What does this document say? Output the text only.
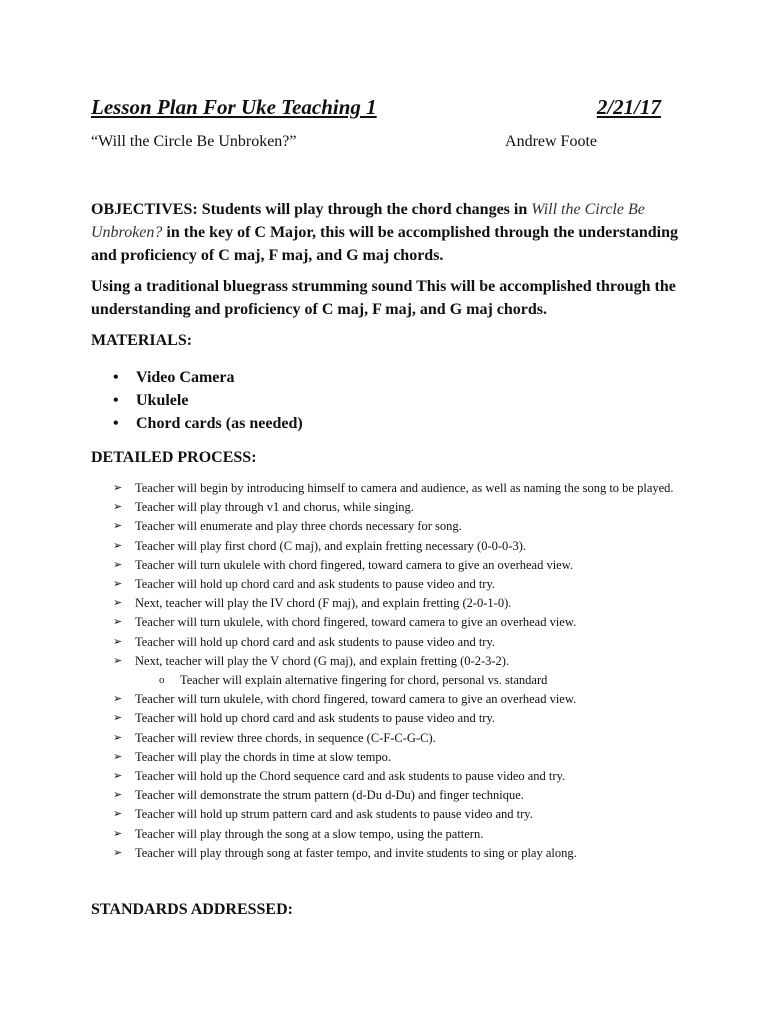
Lesson Plan For Uke Teaching 1	2/21/17
“Will the Circle Be Unbroken?”	Andrew Foote

OBJECTIVES: Students will play through the chord changes in Will the Circle Be Unbroken? in the key of C Major, this will be accomplished through the understanding and proficiency of C maj, F maj, and G maj chords.

Using a traditional bluegrass strumming sound This will be accomplished through the understanding and proficiency of C maj, F maj, and G maj chords.

MATERIALS:

•	Video Camera
•	Ukulele
•	Chord cards (as needed)

DETAILED PROCESS:

➢	Teacher will begin by introducing himself to camera and audience, as well as naming the song to be played.
➢	Teacher will play through v1 and chorus, while singing.
➢	Teacher will enumerate and play three chords necessary for song.
➢	Teacher will play first chord (C maj), and explain fretting necessary (0-0-0-3).
➢	Teacher will turn ukulele with chord fingered, toward camera to give an overhead view.
➢	Teacher will hold up chord card and ask students to pause video and try.
➢	Next, teacher will play the IV chord (F maj), and explain fretting (2-0-1-0).
➢	Teacher will turn ukulele, with chord fingered, toward camera to give an overhead view.
➢	Teacher will hold up chord card and ask students to pause video and try.
➢	Next, teacher will play the V chord (G maj), and explain fretting (0-2-3-2).
o	Teacher will explain alternative fingering for chord, personal vs. standard
➢	Teacher will turn ukulele, with chord fingered, toward camera to give an overhead view.
➢	Teacher will hold up chord card and ask students to pause video and try.
➢	Teacher will review three chords, in sequence (C-F-C-G-C).
➢	Teacher will play the chords in time at slow tempo.
➢	Teacher will hold up the Chord sequence card and ask students to pause video and try.
➢	Teacher will demonstrate the strum pattern (d-Du d-Du) and finger technique.
➢	Teacher will hold up strum pattern card and ask students to pause video and try.
➢	Teacher will play through the song at a slow tempo, using the pattern.
➢	Teacher will play through song at faster tempo, and invite students to sing or play along.

STANDARDS ADDRESSED:
